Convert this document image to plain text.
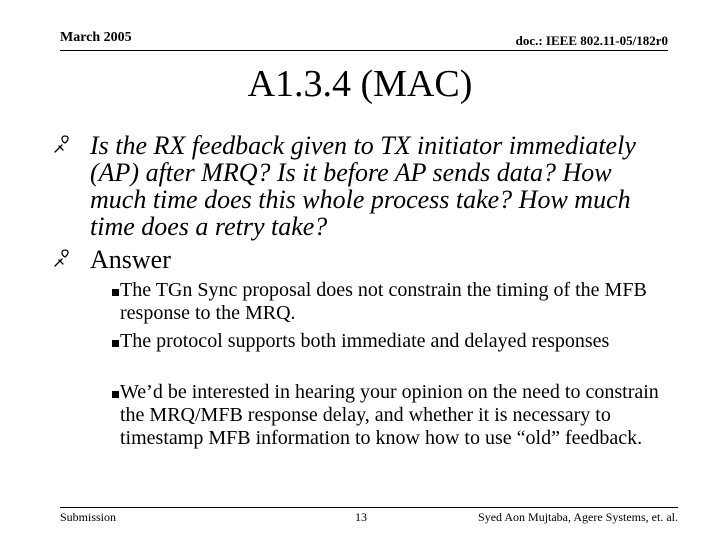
March 2005	doc.: IEEE 802.11-05/182r0
A1.3.4 (MAC)
Is the RX feedback given to TX initiator immediately (AP) after MRQ? Is it before AP sends data? How much time does this whole process take? How much time does a retry take?
Answer
The TGn Sync proposal does not constrain the timing of the MFB response to the MRQ.
The protocol supports both immediate and delayed responses
We’d be interested in hearing your opinion on the need to constrain the MRQ/MFB response delay, and whether it is necessary to timestamp MFB information to know how to use “old” feedback.
Submission	13	Syed Aon Mujtaba, Agere Systems, et. al.
